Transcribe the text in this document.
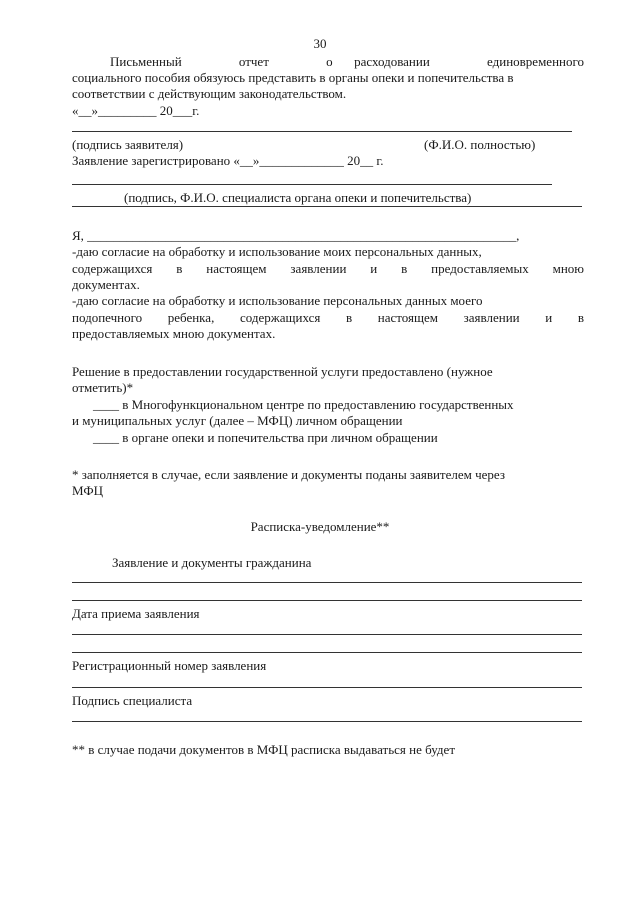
30
Письменный        отчет        о   расходовании        единовременного
социального пособия обязуюсь представить в органы опеки и попечительства в
соответствии с действующим законодательством.
«__»_________ 20___г.
(подпись заявителя)	(Ф.И.О. полностью)
Заявление зарегистрировано «__»_____________ 20__ г.
(подпись, Ф.И.О. специалиста органа опеки и попечительства)
Я, __________________________________________________________________,
-даю согласие на обработку и использование моих персональных данных,
содержащихся   в   настоящем   заявлении   и   в   предоставляемых   мною
документах.
-даю согласие на обработку и использование персональных данных моего
подопечного   ребенка,   содержащихся   в   настоящем   заявлении   и   в
предоставляемых мною документах.
Решение в предоставлении государственной услуги предоставлено (нужное
отметить)*
____ в Многофункциональном центре по предоставлению государственных
и муниципальных услуг (далее – МФЦ) личном обращении
____ в органе опеки и попечительства при личном обращении
* заполняется в случае, если заявление и документы поданы заявителем через
МФЦ
Расписка-уведомление**
Заявление и документы гражданина
Дата приема заявления
Регистрационный номер заявления
Подпись специалиста
** в случае подачи документов в МФЦ расписка выдаваться не будет
